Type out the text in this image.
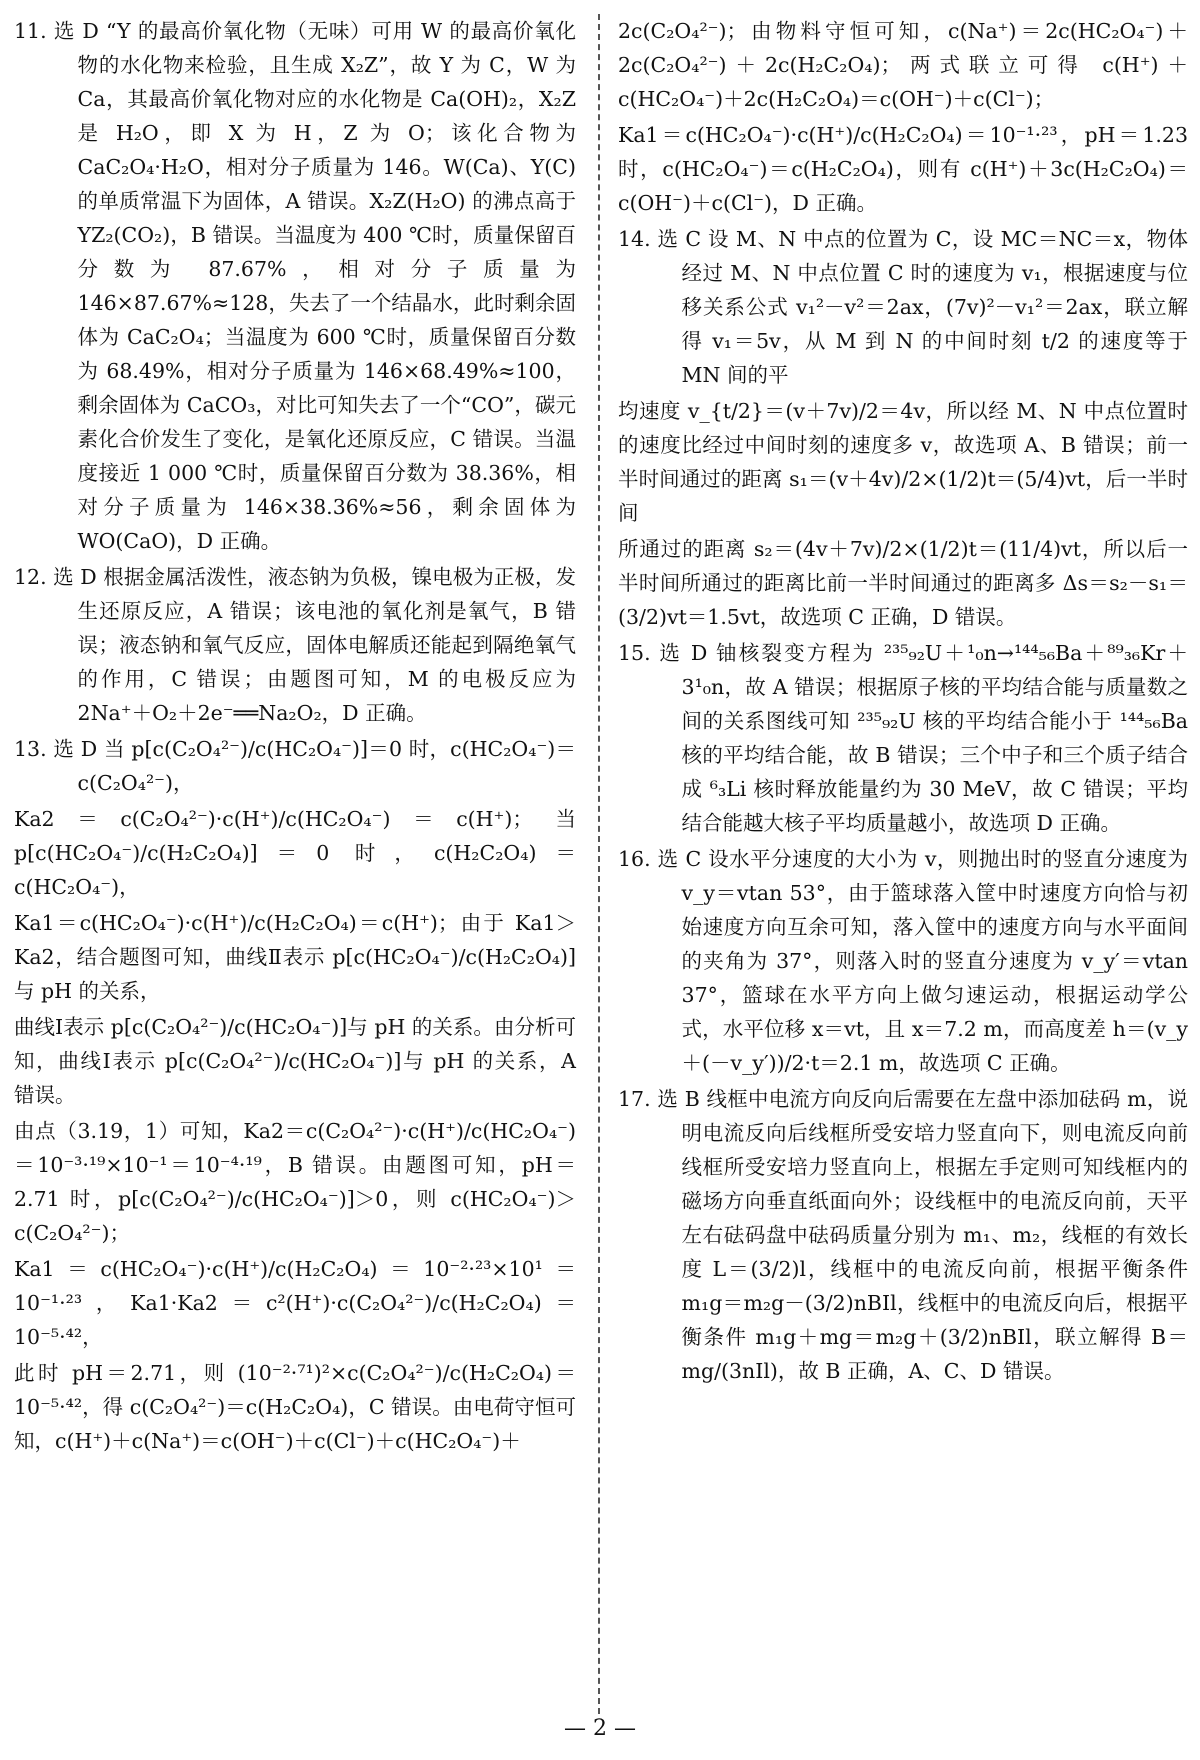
11. 选 D “Y 的最高价氧化物（无味）可用 W 的最高价氧化物的水化物来检验，且生成 X₂Z”，故 Y 为 C，W 为 Ca，其最高价氧化物对应的水化物是 Ca(OH)₂，X₂Z 是 H₂O，即 X 为 H，Z 为 O；该化合物为 CaC₂O₄·H₂O，相对分子质量为 146。W(Ca)、Y(C) 的单质常温下为固体，A 错误。X₂Z(H₂O) 的沸点高于 YZ₂(CO₂)，B 错误。当温度为 400 ℃时，质量保留百分数为 87.67%，相对分子质量为 146×87.67%≈128，失去了一个结晶水，此时剩余固体为 CaC₂O₄；当温度为 600 ℃时，质量保留百分数为 68.49%，相对分子质量为 146×68.49%≈100，剩余固体为 CaCO₃，对比可知失去了一个“CO”，碳元素化合价发生了变化，是氧化还原反应，C 错误。当温度接近 1 000 ℃时，质量保留百分数为 38.36%，相对分子质量为 146×38.36%≈56，剩余固体为 WO(CaO)，D 正确。

12. 选 D 根据金属活泼性，液态钠为负极，镍电极为正极，发生还原反应，A 错误；该电池的氧化剂是氧气，B 错误；液态钠和氧气反应，固体电解质还能起到隔绝氧气的作用，C 错误；由题图可知，M 的电极反应为 2Na⁺＋O₂＋2e⁻══Na₂O₂，D 正确。

13. 选 D 当 p[c(C₂O₄²⁻)/c(HC₂O₄⁻)]＝0 时，c(HC₂O₄⁻)＝c(C₂O₄²⁻)，

Ka2＝c(C₂O₄²⁻)·c(H⁺)/c(HC₂O₄⁻)＝c(H⁺)；当 p[c(HC₂O₄⁻)/c(H₂C₂O₄)]＝0 时，c(H₂C₂O₄)＝c(HC₂O₄⁻)，

Ka1＝c(HC₂O₄⁻)·c(H⁺)/c(H₂C₂O₄)＝c(H⁺)；由于 Ka1＞Ka2，结合题图可知，曲线Ⅱ表示 p[c(HC₂O₄⁻)/c(H₂C₂O₄)]与 pH 的关系，

曲线Ⅰ表示 p[c(C₂O₄²⁻)/c(HC₂O₄⁻)]与 pH 的关系。由分析可知，曲线Ⅰ表示 p[c(C₂O₄²⁻)/c(HC₂O₄⁻)]与 pH 的关系，A 错误。

由点（3.19，1）可知，Ka2＝c(C₂O₄²⁻)·c(H⁺)/c(HC₂O₄⁻)＝10⁻³·¹⁹×10⁻¹＝10⁻⁴·¹⁹，B 错误。由题图可知，pH＝2.71 时，p[c(C₂O₄²⁻)/c(HC₂O₄⁻)]＞0，则 c(HC₂O₄⁻)＞c(C₂O₄²⁻)；

Ka1＝c(HC₂O₄⁻)·c(H⁺)/c(H₂C₂O₄)＝10⁻²·²³×10¹＝10⁻¹·²³，Ka1·Ka2＝c²(H⁺)·c(C₂O₄²⁻)/c(H₂C₂O₄)＝10⁻⁵·⁴²，

此时 pH＝2.71，则 (10⁻²·⁷¹)²×c(C₂O₄²⁻)/c(H₂C₂O₄)＝10⁻⁵·⁴²，得 c(C₂O₄²⁻)＝c(H₂C₂O₄)，C 错误。由电荷守恒可知，c(H⁺)＋c(Na⁺)＝c(OH⁻)＋c(Cl⁻)＋c(HC₂O₄⁻)＋

2c(C₂O₄²⁻)；由物料守恒可知，c(Na⁺)＝2c(HC₂O₄⁻)＋2c(C₂O₄²⁻)＋2c(H₂C₂O₄)；两式联立可得 c(H⁺)＋c(HC₂O₄⁻)＋2c(H₂C₂O₄)＝c(OH⁻)＋c(Cl⁻)；

Ka1＝c(HC₂O₄⁻)·c(H⁺)/c(H₂C₂O₄)＝10⁻¹·²³，pH＝1.23 时，c(HC₂O₄⁻)＝c(H₂C₂O₄)，则有 c(H⁺)＋3c(H₂C₂O₄)＝c(OH⁻)＋c(Cl⁻)，D 正确。

14. 选 C 设 M、N 中点的位置为 C，设 MC＝NC＝x，物体经过 M、N 中点位置 C 时的速度为 v₁，根据速度与位移关系公式 v₁²－v²＝2ax，(7v)²－v₁²＝2ax，联立解得 v₁＝5v，从 M 到 N 的中间时刻 t/2 的速度等于 MN 间的平

均速度 v_{t/2}＝(v＋7v)/2＝4v，所以经 M、N 中点位置时的速度比经过中间时刻的速度多 v，故选项 A、B 错误；前一半时间通过的距离 s₁＝(v＋4v)/2×(1/2)t＝(5/4)vt，后一半时间

所通过的距离 s₂＝(4v＋7v)/2×(1/2)t＝(11/4)vt，所以后一半时间所通过的距离比前一半时间通过的距离多 Δs＝s₂－s₁＝(3/2)vt＝1.5vt，故选项 C 正确，D 错误。

15. 选 D 铀核裂变方程为 ²³⁵₉₂U＋¹₀n→¹⁴⁴₅₆Ba＋⁸⁹₃₆Kr＋3¹₀n，故 A 错误；根据原子核的平均结合能与质量数之间的关系图线可知 ²³⁵₉₂U 核的平均结合能小于 ¹⁴⁴₅₆Ba 核的平均结合能，故 B 错误；三个中子和三个质子结合成 ⁶₃Li 核时释放能量约为 30 MeV，故 C 错误；平均结合能越大核子平均质量越小，故选项 D 正确。

16. 选 C 设水平分速度的大小为 v，则抛出时的竖直分速度为 v_y＝vtan 53°，由于篮球落入筐中时速度方向恰与初始速度方向互余可知，落入筐中的速度方向与水平面间的夹角为 37°，则落入时的竖直分速度为 v_y′＝vtan 37°，篮球在水平方向上做匀速运动，根据运动学公式，水平位移 x＝vt，且 x＝7.2 m，而高度差 h＝(v_y＋(－v_y′))/2·t＝2.1 m，故选项 C 正确。

17. 选 B 线框中电流方向反向后需要在左盘中添加砝码 m，说明电流反向后线框所受安培力竖直向下，则电流反向前线框所受安培力竖直向上，根据左手定则可知线框内的磁场方向垂直纸面向外；设线框中的电流反向前，天平左右砝码盘中砝码质量分别为 m₁、m₂，线框的有效长度 L＝(3/2)l，线框中的电流反向前，根据平衡条件 m₁g＝m₂g－(3/2)nBIl，线框中的电流反向后，根据平衡条件 m₁g＋mg＝m₂g＋(3/2)nBIl，联立解得 B＝mg/(3nIl)，故 B 正确，A、C、D 错误。

— 2 —
